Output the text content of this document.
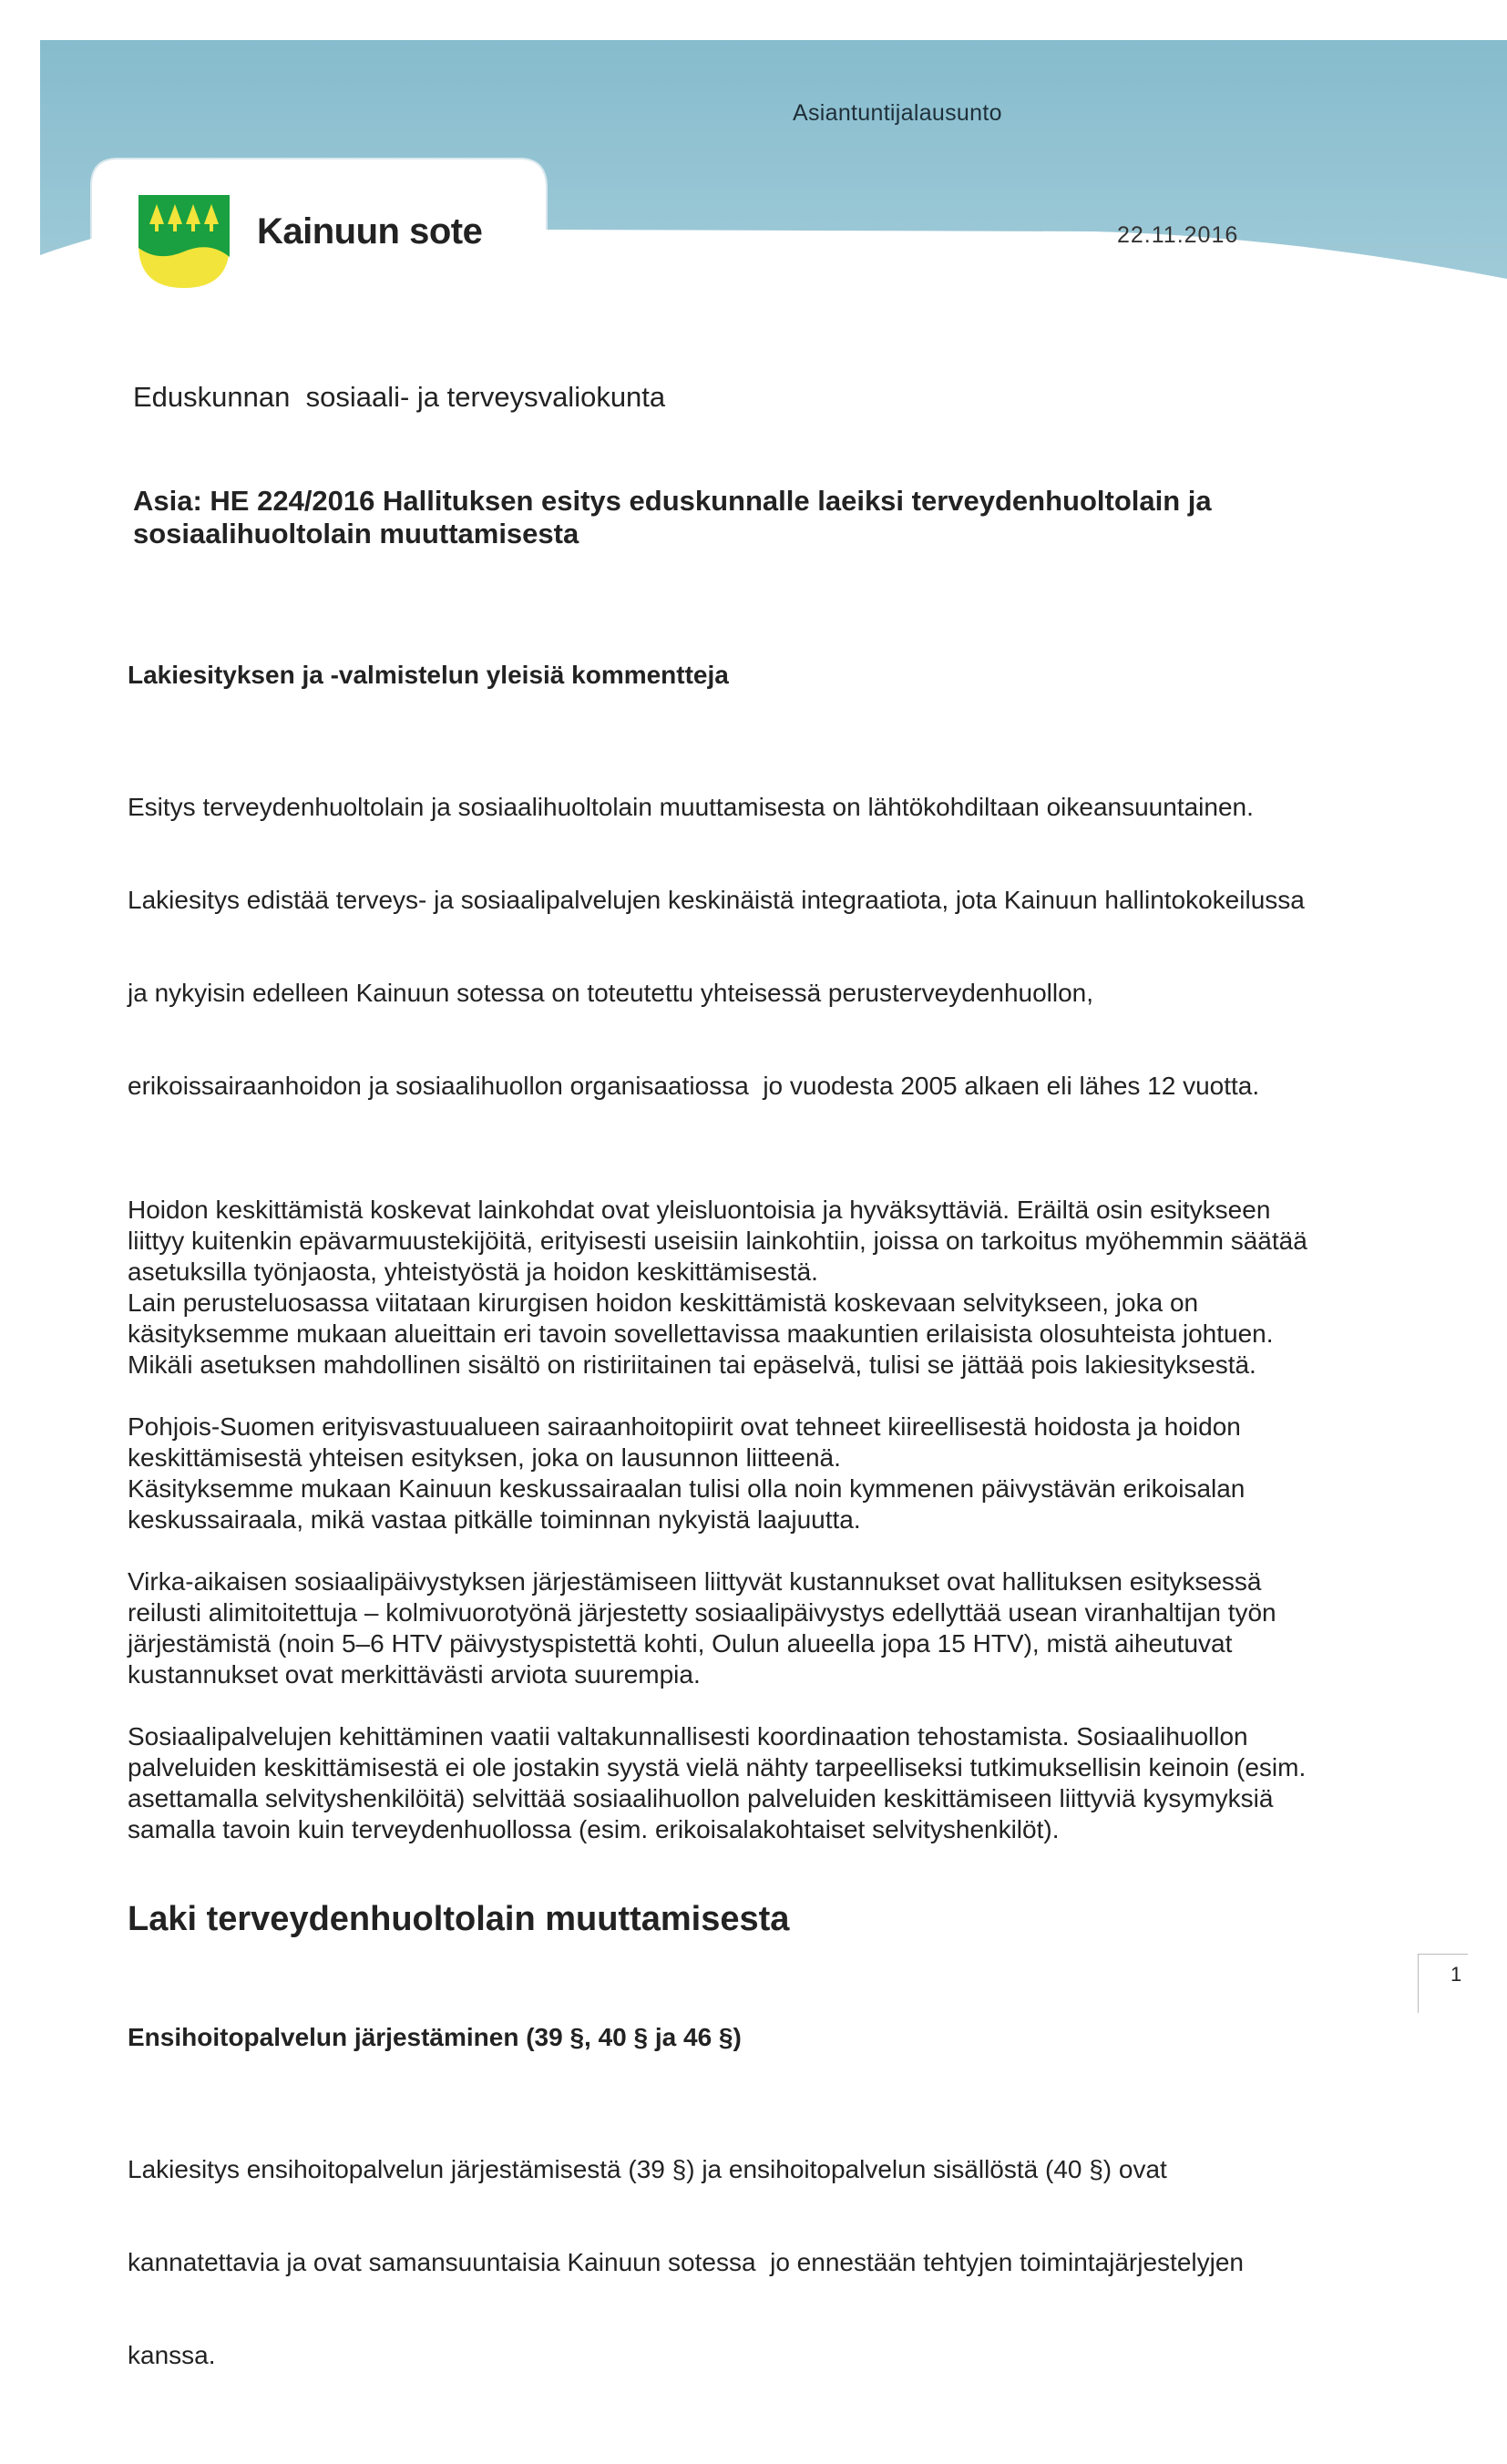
Asiantuntijalausunto
Kainuun sote	22.11.2016
Eduskunnan  sosiaali- ja terveysvaliokunta
Asia: HE 224/2016 Hallituksen esitys eduskunnalle laeiksi terveydenhuoltolain ja
sosiaalihuoltolain muuttamisesta
Lakiesityksen ja -valmistelun yleisiä kommentteja

Esitys terveydenhuoltolain ja sosiaalihuoltolain muuttamisesta on lähtökohdiltaan oikeansuuntainen.

Lakiesitys edistää terveys- ja sosiaalipalvelujen keskinäistä integraatiota, jota Kainuun hallintokokeilussa

ja nykyisin edelleen Kainuun sotessa on toteutettu yhteisessä perusterveydenhuollon,

erikoissairaanhoidon ja sosiaalihuollon organisaatiossa  jo vuodesta 2005 alkaen eli lähes 12 vuotta.

Hoidon keskittämistä koskevat lainkohdat ovat yleisluontoisia ja hyväksyttäviä. Eräiltä osin esitykseen
liittyy kuitenkin epävarmuustekijöitä, erityisesti useisiin lainkohtiin, joissa on tarkoitus myöhemmin säätää
asetuksilla työnjaosta, yhteistyöstä ja hoidon keskittämisestä.
Lain perusteluosassa viitataan kirurgisen hoidon keskittämistä koskevaan selvitykseen, joka on
käsityksemme mukaan alueittain eri tavoin sovellettavissa maakuntien erilaisista olosuhteista johtuen.
Mikäli asetuksen mahdollinen sisältö on ristiriitainen tai epäselvä, tulisi se jättää pois lakiesityksestä.
Pohjois-Suomen erityisvastuualueen sairaanhoitopiirit ovat tehneet kiireellisestä hoidosta ja hoidon
keskittämisestä yhteisen esityksen, joka on lausunnon liitteenä.
Käsityksemme mukaan Kainuun keskussairaalan tulisi olla noin kymmenen päivystävän erikoisalan
keskussairaala, mikä vastaa pitkälle toiminnan nykyistä laajuutta.
Virka-aikaisen sosiaalipäivystyksen järjestämiseen liittyvät kustannukset ovat hallituksen esityksessä
reilusti alimitoitettuja – kolmivuorotyönä järjestetty sosiaalipäivystys edellyttää usean viranhaltijan työn
järjestämistä (noin 5–6 HTV päivystyspistettä kohti, Oulun alueella jopa 15 HTV), mistä aiheutuvat
kustannukset ovat merkittävästi arviota suurempia.
Sosiaalipalvelujen kehittäminen vaatii valtakunnallisesti koordinaation tehostamista. Sosiaalihuollon
palveluiden keskittämisestä ei ole jostakin syystä vielä nähty tarpeelliseksi tutkimuksellisin keinoin (esim.
asettamalla selvityshenkilöitä) selvittää sosiaalihuollon palveluiden keskittämiseen liittyviä kysymyksiä
samalla tavoin kuin terveydenhuollossa (esim. erikoisalakohtaiset selvityshenkilöt).
Laki terveydenhuoltolain muuttamisesta
Ensihoitopalvelun järjestäminen (39 §, 40 § ja 46 §)

Lakiesitys ensihoitopalvelun järjestämisestä (39 §) ja ensihoitopalvelun sisällöstä (40 §) ovat

kannatettavia ja ovat samansuuntaisia Kainuun sotessa  jo ennestään tehtyjen toimintajärjestelyjen

kanssa.

1
